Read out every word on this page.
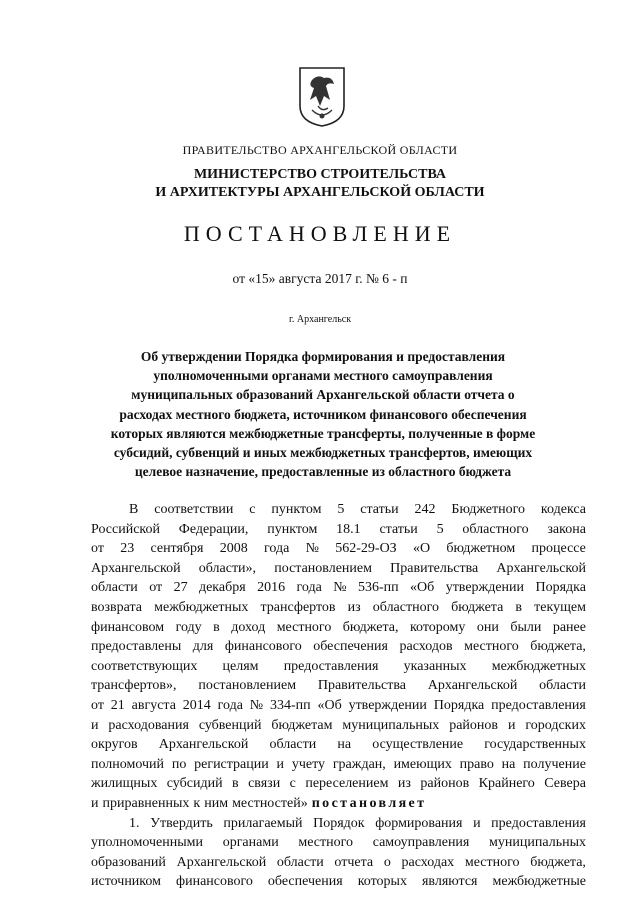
ПРАВИТЕЛЬСТВО АРХАНГЕЛЬСКОЙ ОБЛАСТИ
МИНИСТЕРСТВО СТРОИТЕЛЬСТВА
И АРХИТЕКТУРЫ АРХАНГЕЛЬСКОЙ ОБЛАСТИ
ПОСТАНОВЛЕНИЕ
от «15» августа 2017 г. № 6 - п
г. Архангельск
Об утверждении Порядка формирования и предоставления
уполномоченными органами местного самоуправления
муниципальных образований Архангельской области отчета о
расходах местного бюджета, источником финансового обеспечения
которых являются межбюджетные трансферты, полученные в форме
субсидий, субвенций и иных межбюджетных трансфертов, имеющих
целевое назначение, предоставленные из областного бюджета
В соответствии с пунктом 5 статьи 242 Бюджетного кодекса
Российской Федерации, пунктом 18.1 статьи 5 областного закона
от 23 сентября 2008 года № 562-29-ОЗ «О бюджетном процессе
Архангельской области», постановлением Правительства Архангельской
области от 27 декабря 2016 года № 536-пп «Об утверждении Порядка
возврата межбюджетных трансфертов из областного бюджета в текущем
финансовом году в доход местного бюджета, которому они были ранее
предоставлены для финансового обеспечения расходов местного бюджета,
соответствующих целям предоставления указанных межбюджетных
трансфертов», постановлением Правительства Архангельской области
от 21 августа 2014 года № 334-пп «Об утверждении Порядка предоставления
и расходования субвенций бюджетам муниципальных районов и городских
округов Архангельской области на осуществление государственных
полномочий по регистрации и учету граждан, имеющих право на получение
жилищных субсидий в связи с переселением из районов Крайнего Севера
и приравненных к ним местностей» постановляет
1. Утвердить прилагаемый Порядок формирования и предоставления
уполномоченными органами местного самоуправления муниципальных
образований Архангельской области отчета о расходах местного бюджета,
источником финансового обеспечения которых являются межбюджетные
